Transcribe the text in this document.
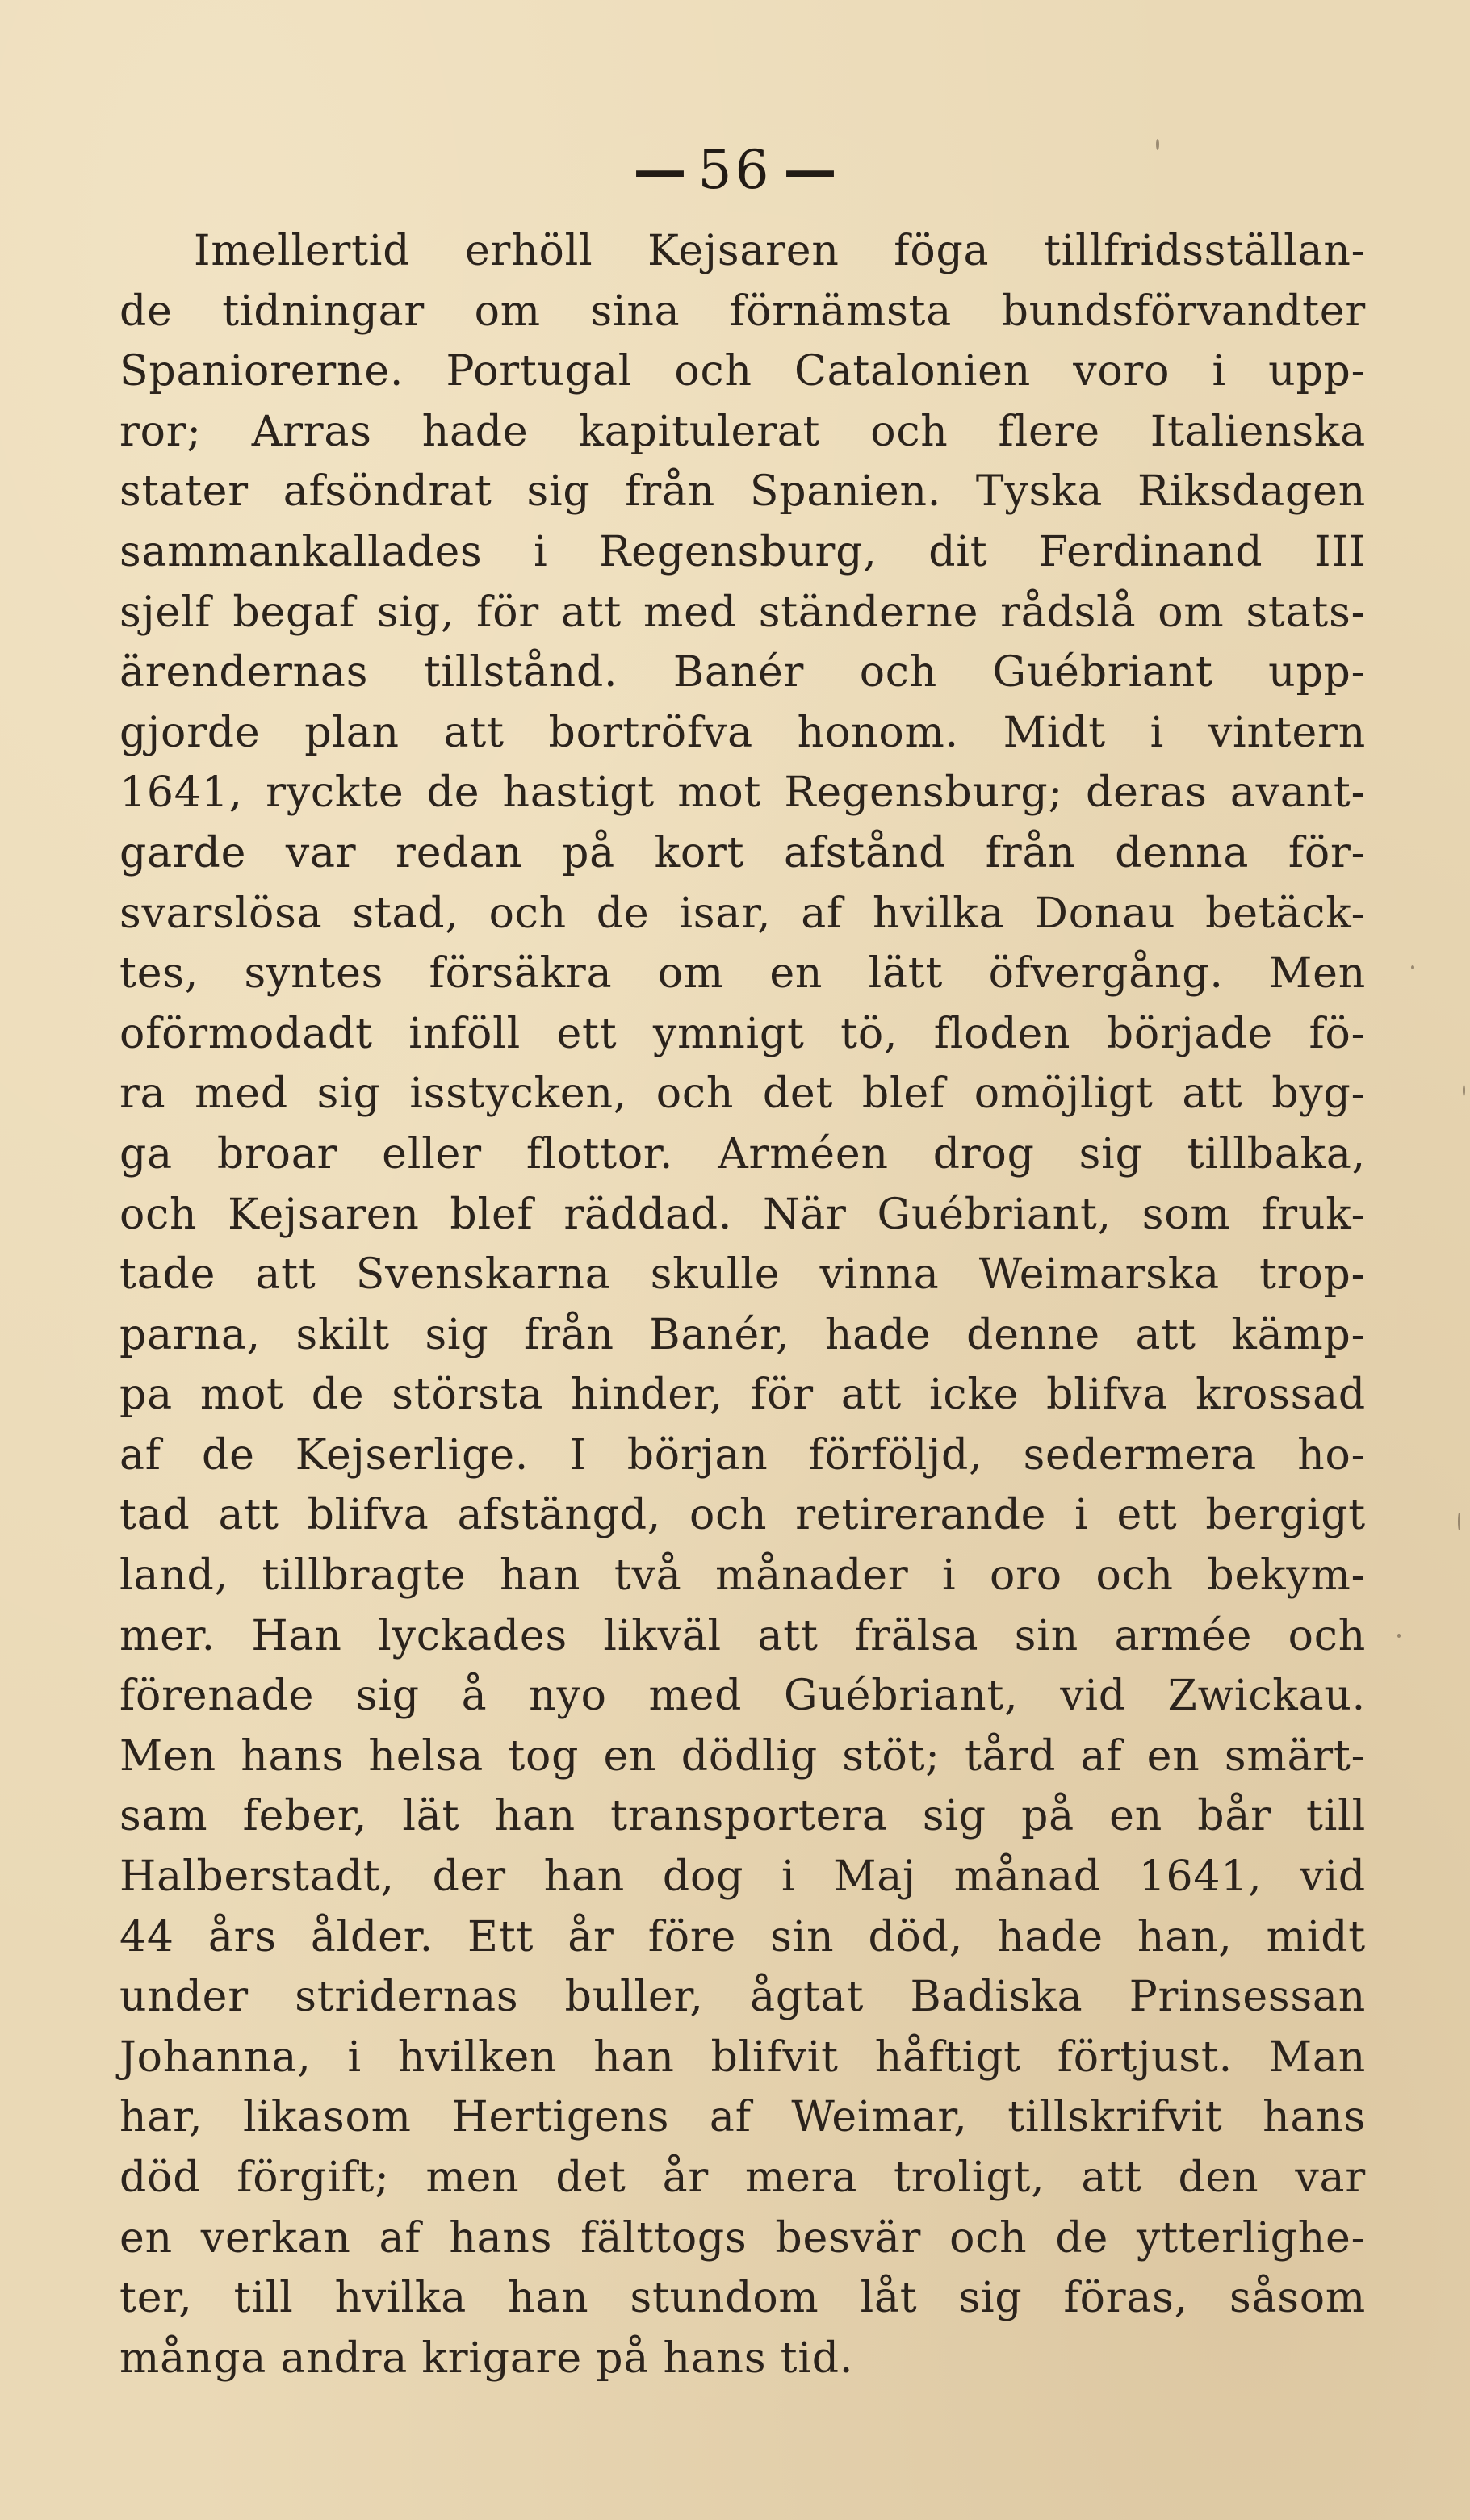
— 56 —
Imellertid erhöll Kejsaren föga tillfridsställan-
de tidningar om sina förnämsta bundsförvandter
Spaniorerne. Portugal och Catalonien voro i upp-
ror; Arras hade kapitulerat och flere Italienska
stater afsöndrat sig från Spanien. Tyska Riksdagen
sammankallades i Regensburg, dit Ferdinand III
sjelf begaf sig, för att med ständerne rådslå om stats-
ärendernas tillstånd. Banér och Guébriant upp-
gjorde plan att bortröfva honom. Midt i vintern
1641, ryckte de hastigt mot Regensburg; deras avant-
garde var redan på kort afstånd från denna för-
svarslösa stad, och de isar, af hvilka Donau betäck-
tes, syntes försäkra om en lätt öfvergång. Men
oförmodadt inföll ett ymnigt tö, floden började fö-
ra med sig isstycken, och det blef omöjligt att byg-
ga broar eller flottor. Arméen drog sig tillbaka,
och Kejsaren blef räddad. När Guébriant, som fruk-
tade att Svenskarna skulle vinna Weimarska trop-
parna, skilt sig från Banér, hade denne att kämp-
pa mot de största hinder, för att icke blifva krossad
af de Kejserlige. I början förföljd, sedermera ho-
tad att blifva afstängd, och retirerande i ett bergigt
land, tillbragte han två månader i oro och bekym-
mer. Han lyckades likväl att frälsa sin armée och
förenade sig å nyo med Guébriant, vid Zwickau.
Men hans helsa tog en dödlig stöt; tård af en smärt-
sam feber, lät han transportera sig på en bår till
Halberstadt, der han dog i Maj månad 1641, vid
44 års ålder. Ett år före sin död, hade han, midt
under stridernas buller, ågtat Badiska Prinsessan
Johanna, i hvilken han blifvit håftigt förtjust. Man
har, likasom Hertigens af Weimar, tillskrifvit hans
död förgift; men det år mera troligt, att den var
en verkan af hans fälttogs besvär och de ytterlighe-
ter, till hvilka han stundom låt sig föras, såsom
många andra krigare på hans tid.
